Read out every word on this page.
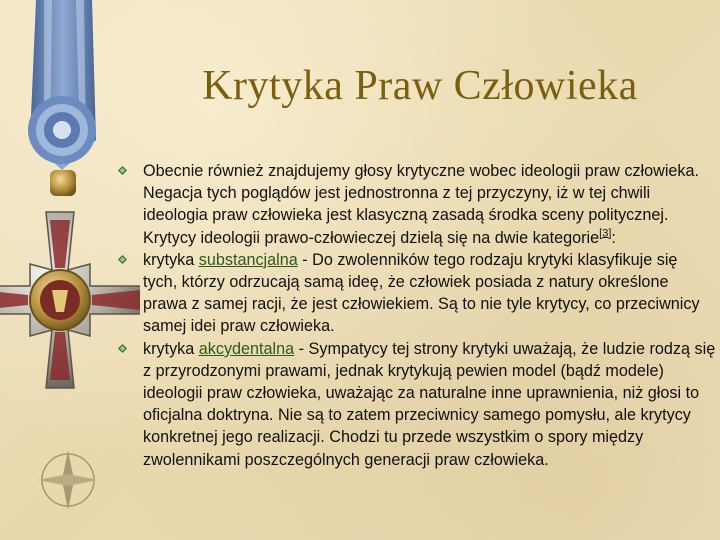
Krytyka Praw Człowieka
Obecnie również znajdujemy głosy krytyczne wobec ideologii praw człowieka. Negacja tych poglądów jest jednostronna z tej przyczyny, iż w tej chwili ideologia praw człowieka jest klasyczną zasadą środka sceny politycznej. Krytycy ideologii prawo-człowieczej dzielą się na dwie kategorie[3]:
krytyka substancjalna - Do zwolenników tego rodzaju krytyki klasyfikuje się tych, którzy odrzucają samą ideę, że człowiek posiada z natury określone prawa z samej racji, że jest człowiekiem. Są to nie tyle krytycy, co przeciwnicy samej idei praw człowieka.
krytyka akcydentalna - Sympatycy tej strony krytyki uważają, że ludzie rodzą się z przyrodzonymi prawami, jednak krytykują pewien model (bądź modele) ideologii praw człowieka, uważając za naturalne inne uprawnienia, niż głosi to oficjalna doktryna. Nie są to zatem przeciwnicy samego pomysłu, ale krytycy konkretnej jego realizacji. Chodzi tu przede wszystkim o spory między zwolennikami poszczególnych generacji praw człowieka.
